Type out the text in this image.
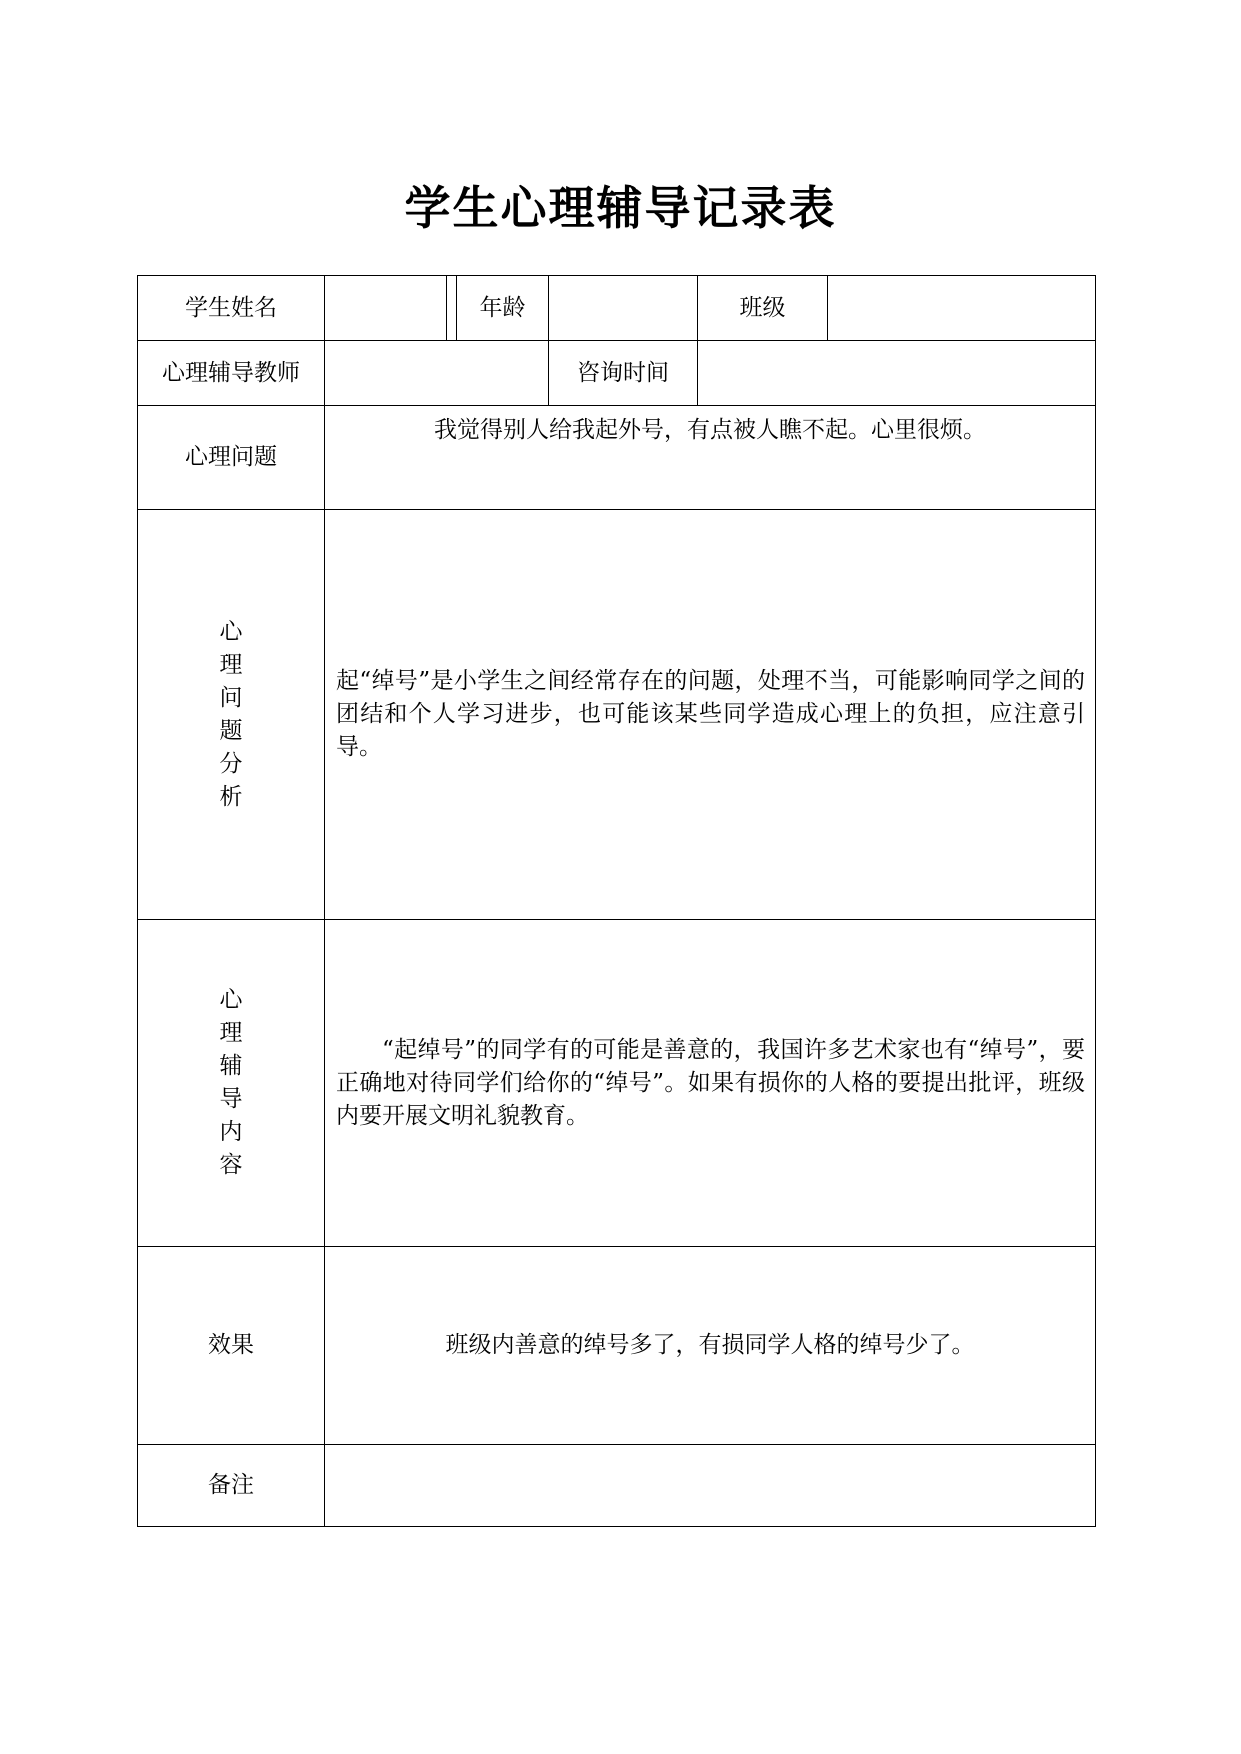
学生心理辅导记录表
学生姓名			年龄		班级	
心理辅导教师				咨询时间		
心理问题	我觉得别人给我起外号，有点被人瞧不起。心里很烦。					
心理问题分析	起“绰号”是小学生之间经常存在的问题，处理不当，可能影响同学之间的团结和个人学习进步，也可能该某些同学造成心理上的负担，应注意引导。					

心理辅导内容	“起绰号”的同学有的可能是善意的，我国许多艺术家也有“绰号”，要正确地对待同学们给你的“绰号”。如果有损你的人格的要提出批评，班级内要开展文明礼貌教育。					

效果	班级内善意的绰号多了，有损同学人格的绰号少了。					
备注						
